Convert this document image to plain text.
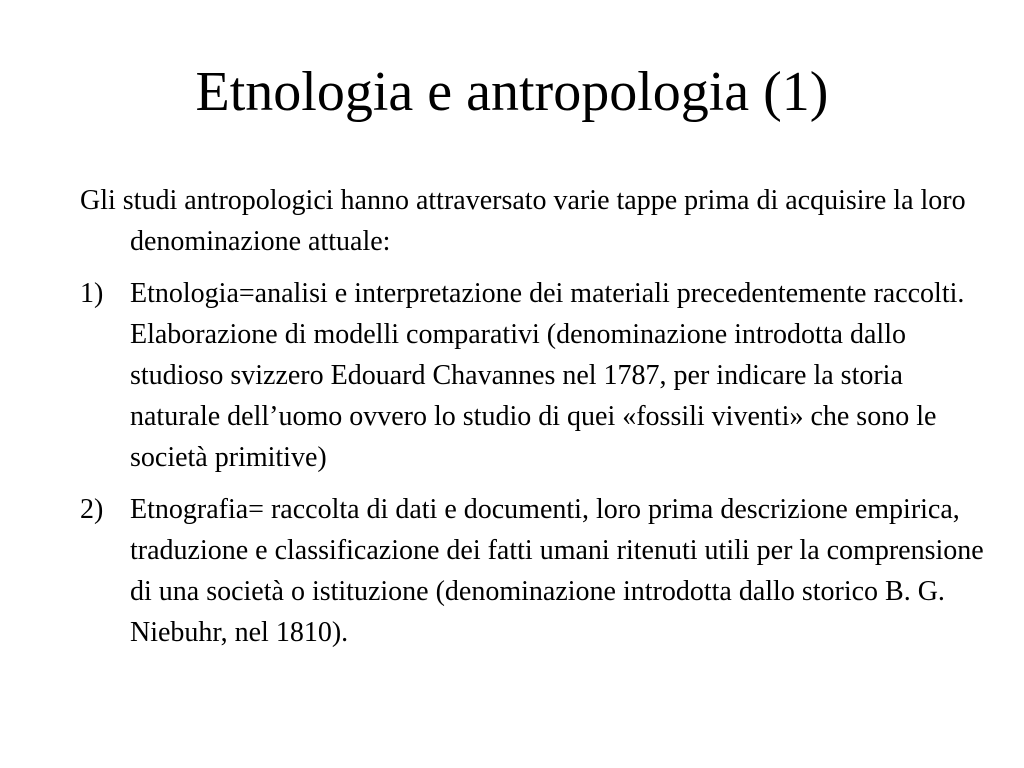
Etnologia e antropologia (1)

Gli studi antropologici hanno attraversato varie tappe prima di acquisire la loro denominazione attuale:

1) Etnologia=analisi e interpretazione dei materiali precedentemente raccolti. Elaborazione di modelli comparativi (denominazione introdotta dallo studioso svizzero Edouard Chavannes nel 1787, per indicare la storia naturale dell’uomo ovvero lo studio di quei «fossili viventi» che sono le società primitive)
2) Etnografia= raccolta di dati e documenti, loro prima descrizione empirica, traduzione e classificazione dei fatti umani ritenuti utili per la comprensione di una società o istituzione (denominazione introdotta dallo storico B. G. Niebuhr, nel 1810).
